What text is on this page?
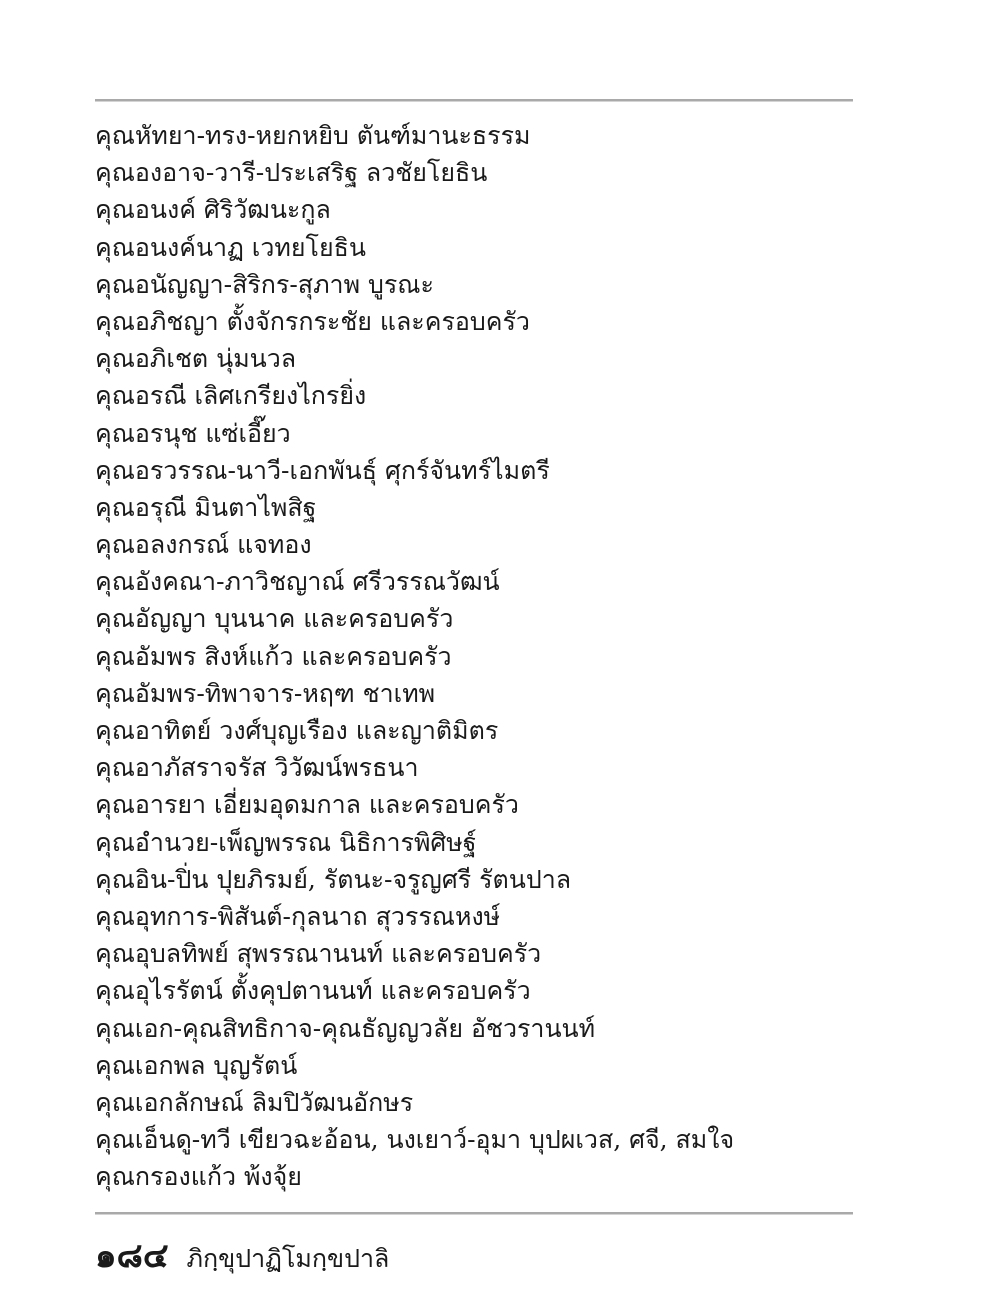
คุณหัทยา-ทรง-หยกหยิบ ตันฑ์มานะธรรม
คุณองอาจ-วารี-ประเสริฐ ลวชัยโยธิน
คุณอนงค์ ศิริวัฒนะกูล
คุณอนงค์นาฏ เวทยโยธิน
คุณอนัญญา-สิริกร-สุภาพ บูรณะ
คุณอภิชญา ตั้งจักรกระชัย และครอบครัว
คุณอภิเชต นุ่มนวล
คุณอรณี เลิศเกรียงไกรยิ่ง
คุณอรนุช แซ่เอี๊ยว
คุณอรวรรณ-นาวี-เอกพันธุ์ ศุกร์จันทร์ไมตรี
คุณอรุณี มินตาไพสิฐ
คุณอลงกรณ์ แจทอง
คุณอังคณา-ภาวิชญาณ์ ศรีวรรณวัฒน์
คุณอัญญา บุนนาค และครอบครัว
คุณอัมพร สิงห์แก้ว และครอบครัว
คุณอัมพร-ทิพาจาร-หฤฑ ชาเทพ
คุณอาทิตย์ วงศ์บุญเรือง และญาติมิตร
คุณอาภัสราจรัส วิวัฒน์พรธนา
คุณอารยา เอี่ยมอุดมกาล และครอบครัว
คุณอำนวย-เพ็ญพรรณ นิธิการพิศิษฐ์
คุณอิน-ปิ่น ปุยภิรมย์, รัตนะ-จรูญศรี รัตนปาล
คุณอุทการ-พิสันต์-กุลนาถ สุวรรณหงษ์
คุณอุบลทิพย์ สุพรรณานนท์ และครอบครัว
คุณอุไรรัตน์ ตั้งคุปตานนท์ และครอบครัว
คุณเอก-คุณสิทธิกาจ-คุณธัญญวลัย อัชวรานนท์
คุณเอกพล บุญรัตน์
คุณเอกลักษณ์ ลิมปิวัฒนอักษร
คุณเอ็นดู-ทวี เขียวฉะอ้อน, นงเยาว์-อุมา บุปผเวส, ศจี, สมใจ
คุณกรองแก้ว พ้งจุ้ย
๑๘๔ ภิกฺขุปาฏิโมกฺขปาลิ
